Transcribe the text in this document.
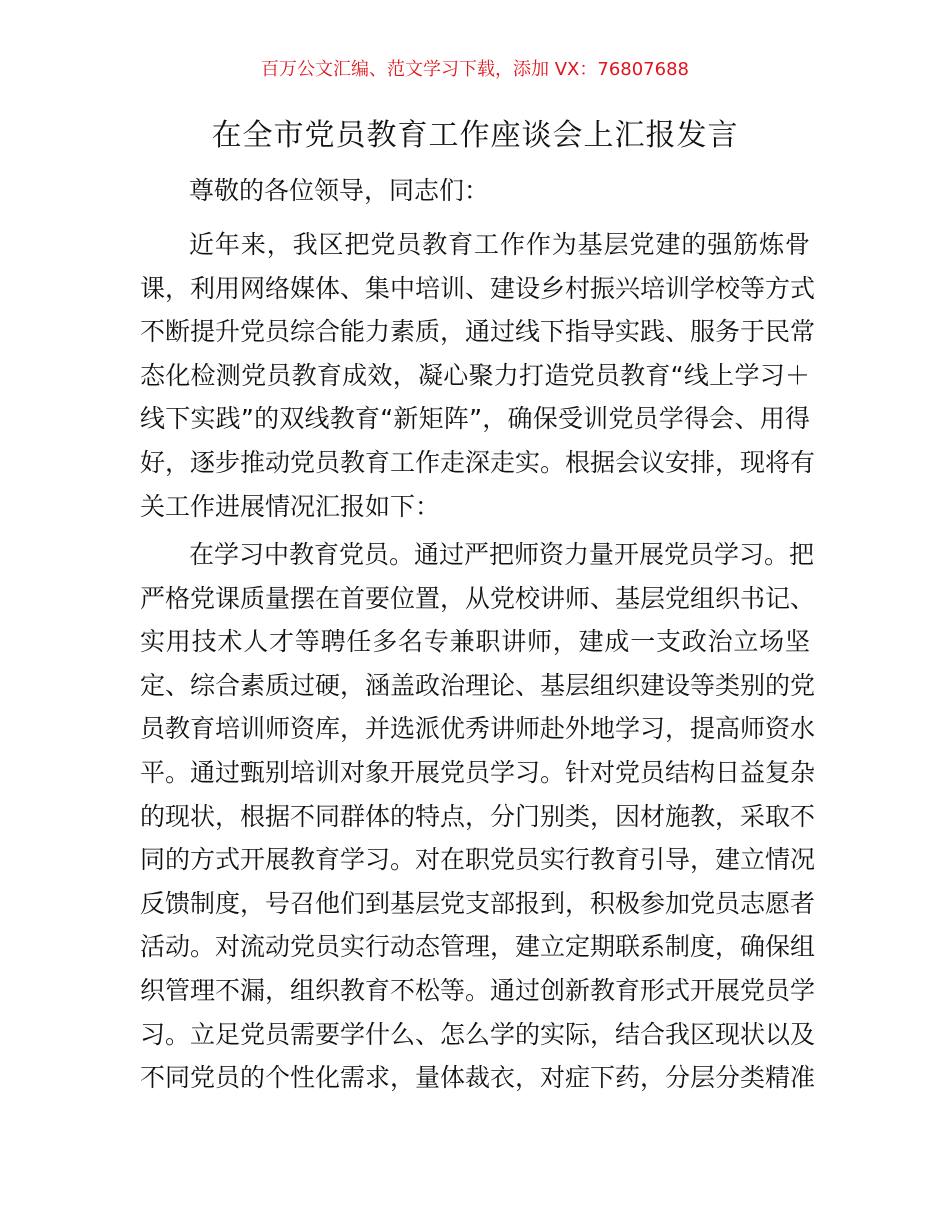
百万公文汇编、范文学习下载，添加 VX：76807688
在全市党员教育工作座谈会上汇报发言
尊敬的各位领导，同志们：
近年来，我区把党员教育工作作为基层党建的强筋炼骨
课，利用网络媒体、集中培训、建设乡村振兴培训学校等方式
不断提升党员综合能力素质，通过线下指导实践、服务于民常
态化检测党员教育成效，凝心聚力打造党员教育“线上学习＋
线下实践”的双线教育“新矩阵”，确保受训党员学得会、用得
好，逐步推动党员教育工作走深走实。根据会议安排，现将有
关工作进展情况汇报如下：
在学习中教育党员。通过严把师资力量开展党员学习。把
严格党课质量摆在首要位置，从党校讲师、基层党组织书记、
实用技术人才等聘任多名专兼职讲师，建成一支政治立场坚
定、综合素质过硬，涵盖政治理论、基层组织建设等类别的党
员教育培训师资库，并选派优秀讲师赴外地学习，提高师资水
平。通过甄别培训对象开展党员学习。针对党员结构日益复杂
的现状，根据不同群体的特点，分门别类，因材施教，采取不
同的方式开展教育学习。对在职党员实行教育引导，建立情况
反馈制度，号召他们到基层党支部报到，积极参加党员志愿者
活动。对流动党员实行动态管理，建立定期联系制度，确保组
织管理不漏，组织教育不松等。通过创新教育形式开展党员学
习。立足党员需要学什么、怎么学的实际，结合我区现状以及
不同党员的个性化需求，量体裁衣，对症下药，分层分类精准
